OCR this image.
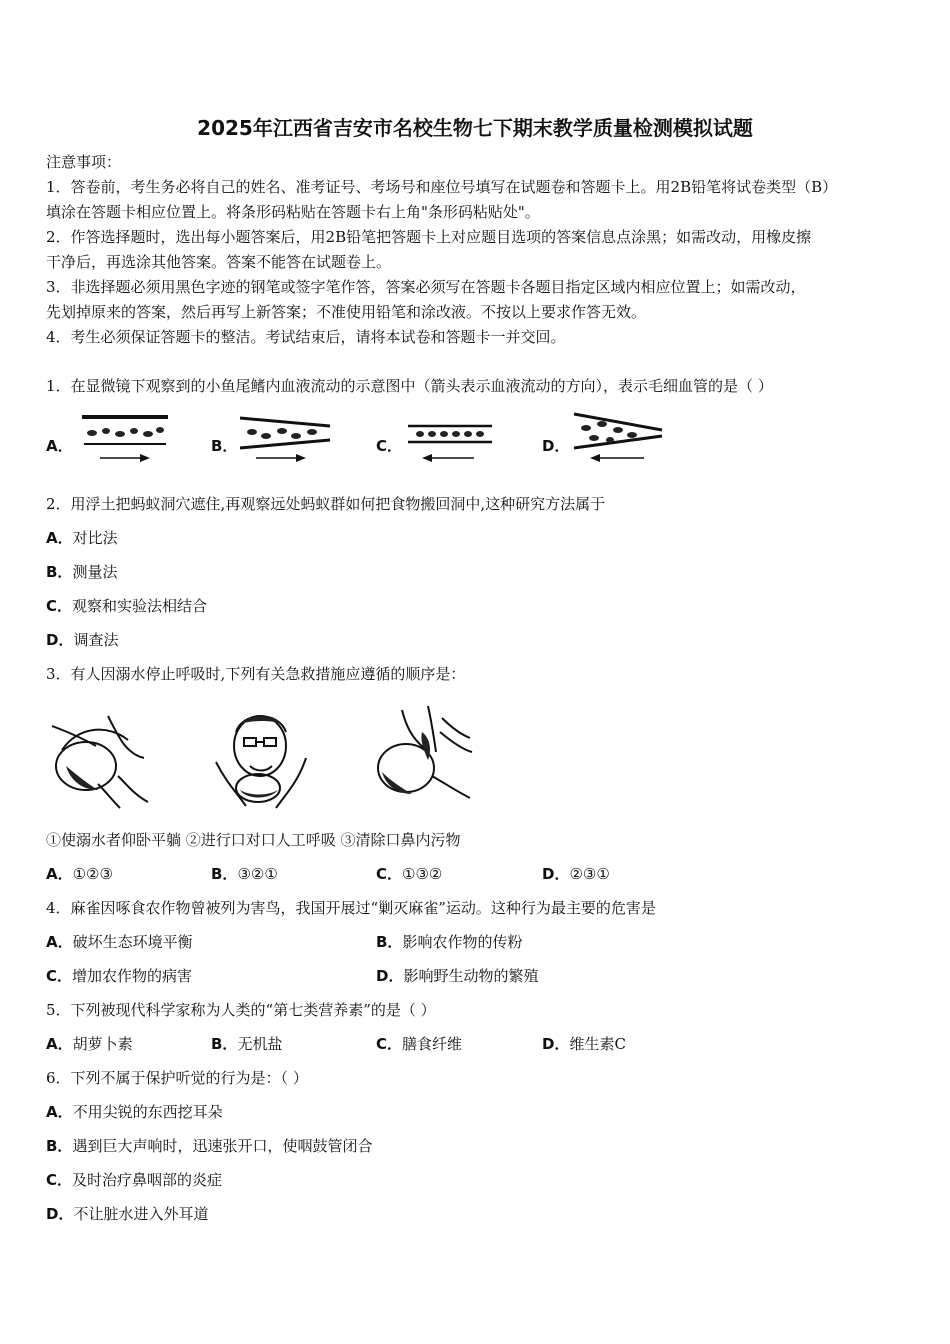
2025年江西省吉安市名校生物七下期末教学质量检测模拟试题
注意事项：
1．答卷前，考生务必将自己的姓名、准考证号、考场号和座位号填写在试题卷和答题卡上。用2B铅笔将试卷类型（B）
填涂在答题卡相应位置上。将条形码粘贴在答题卡右上角"条形码粘贴处"。
2．作答选择题时，选出每小题答案后，用2B铅笔把答题卡上对应题目选项的答案信息点涂黑；如需改动，用橡皮擦
干净后，再选涂其他答案。答案不能答在试题卷上。
3．非选择题必须用黑色字迹的钢笔或签字笔作答，答案必须写在答题卡各题目指定区域内相应位置上；如需改动，
先划掉原来的答案，然后再写上新答案；不准使用铅笔和涂改液。不按以上要求作答无效。
4．考生必须保证答题卡的整洁。考试结束后，请将本试卷和答题卡一并交回。
1．在显微镜下观察到的小鱼尾鳍内血液流动的示意图中（箭头表示血液流动的方向），表示毛细血管的是（ ）
A．	B．	C．	D．
2．用浮土把蚂蚁洞穴遮住,再观察远处蚂蚁群如何把食物搬回洞中,这种研究方法属于
A．对比法
B．测量法
C．观察和实验法相结合
D．调查法
3．有人因溺水停止呼吸时,下列有关急救措施应遵循的顺序是：
①使溺水者仰卧平躺 ②进行口对口人工呼吸 ③清除口鼻内污物
A．①②③	B．③②①	C．①③②	D．②③①
4．麻雀因啄食农作物曾被列为害鸟，我国开展过“剿灭麻雀”运动。这种行为最主要的危害是
A．破坏生态环境平衡	B．影响农作物的传粉
C．增加农作物的病害	D．影响野生动物的繁殖
5．下列被现代科学家称为人类的“第七类营养素”的是（ ）
A．胡萝卜素	B．无机盐	C．膳食纤维	D．维生素C
6．下列不属于保护听觉的行为是：（ ）
A．不用尖锐的东西挖耳朵
B．遇到巨大声响时，迅速张开口，使咽鼓管闭合
C．及时治疗鼻咽部的炎症
D．不让脏水进入外耳道
